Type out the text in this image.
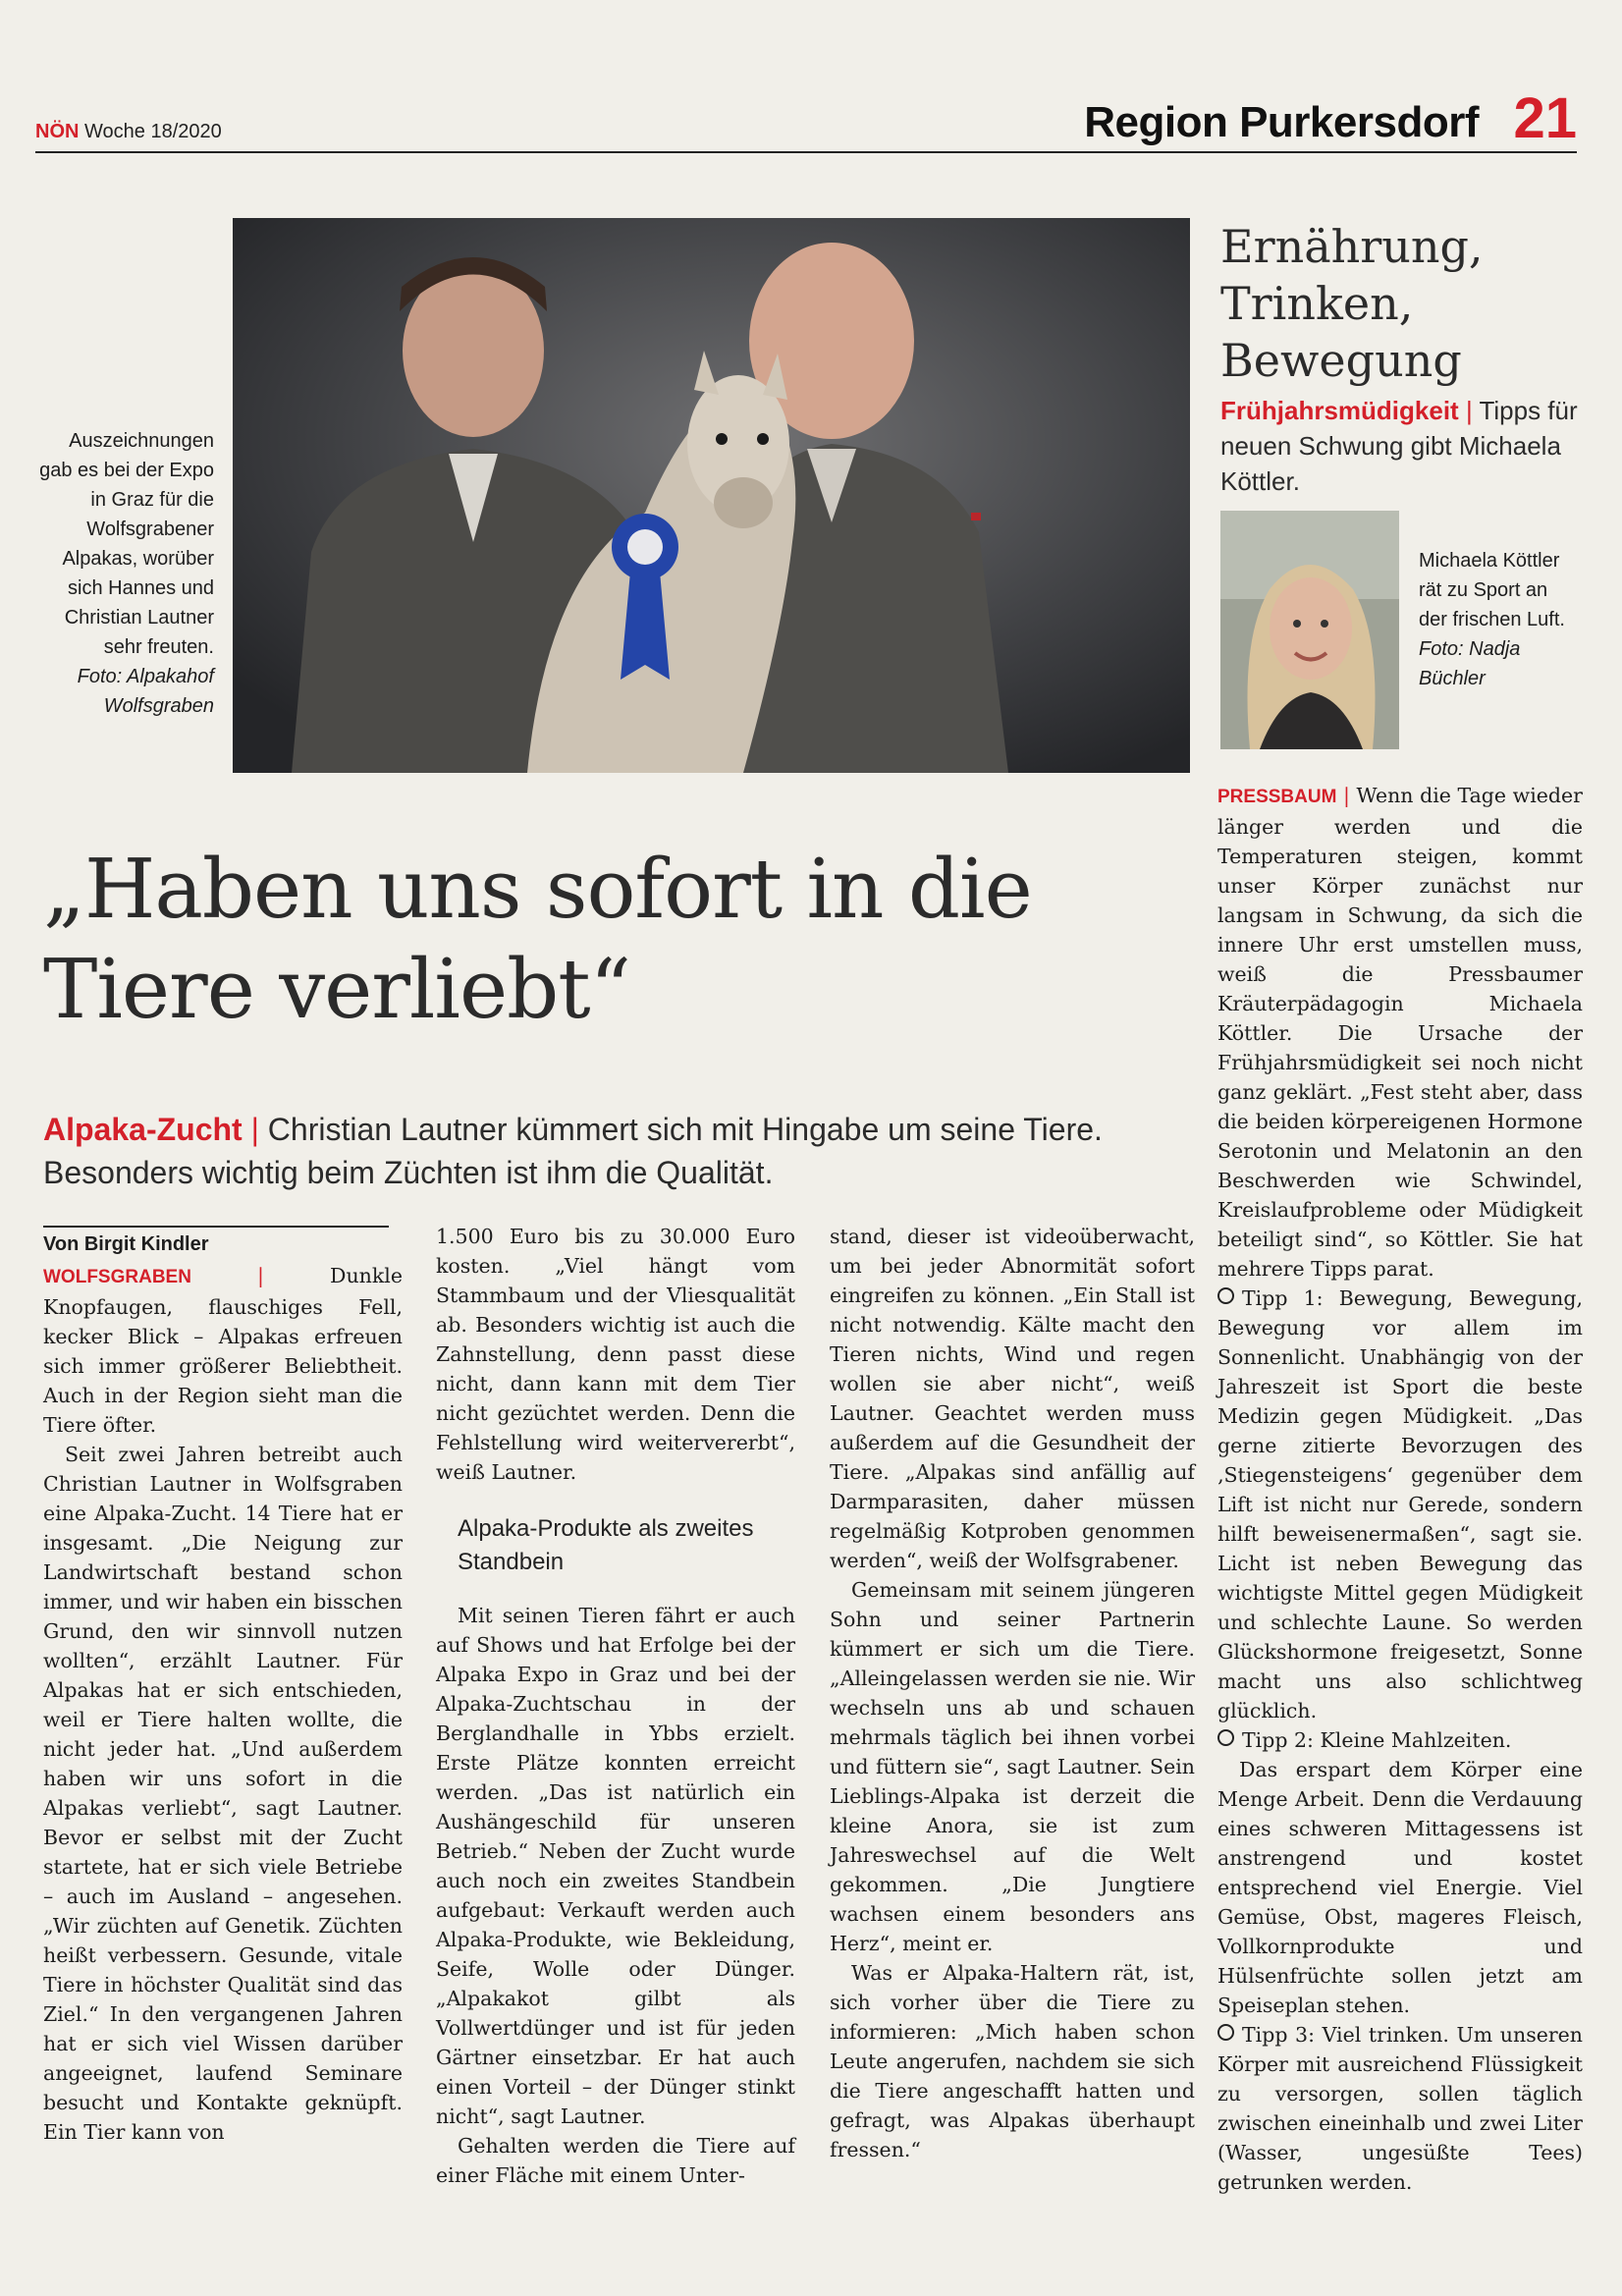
NÖN Woche 18/2020	Region Purkersdorf 21
Auszeichnungen gab es bei der Expo in Graz für die Wolfsgrabener Alpakas, worüber sich Hannes und Christian Lautner sehr freuten.
Foto: Alpakahof Wolfsgraben
„Haben uns sofort in die Tiere verliebt“
Alpaka-Zucht | Christian Lautner kümmert sich mit Hingabe um seine Tiere. Besonders wichtig beim Züchten ist ihm die Qualität.
Von Birgit Kindler

WOLFSGRABEN	|	Dunkle Knopfaugen, flauschiges Fell, kecker Blick – Alpakas erfreuen sich immer größerer Beliebtheit. Auch in der Region sieht man die Tiere öfter.

Seit zwei Jahren betreibt auch Christian Lautner in Wolfsgraben eine Alpaka-Zucht. 14 Tiere hat er insgesamt. „Die Neigung zur Landwirtschaft bestand schon immer, und wir haben ein bisschen Grund, den wir sinnvoll nutzen wollten“, erzählt Lautner. Für Alpakas hat er sich entschieden, weil er Tiere halten wollte, die nicht jeder hat. „Und außerdem haben wir uns sofort in die Alpakas verliebt“, sagt Lautner. Bevor er selbst mit der Zucht startete, hat er sich viele Betriebe – auch im Ausland – angesehen. „Wir züchten auf Genetik. Züchten heißt verbessern. Gesunde, vitale Tiere in höchster Qualität sind das Ziel.“ In den vergangenen Jahren hat er sich viel Wissen darüber angeeignet, laufend Seminare besucht und Kontakte geknüpft. Ein Tier kann von

1.500 Euro bis zu 30.000 Euro kosten. „Viel hängt vom Stammbaum und der Vliesqualität ab. Besonders wichtig ist auch die Zahnstellung, denn passt diese nicht, dann kann mit dem Tier nicht gezüchtet werden. Denn die Fehlstellung wird weitervererbt“, weiß Lautner.

Alpaka-Produkte als zweites Standbein

Mit seinen Tieren fährt er auch auf Shows und hat Erfolge bei der Alpaka Expo in Graz und bei der Alpaka-Zuchtschau in der Berglandhalle in Ybbs erzielt. Erste Plätze konnten erreicht werden. „Das ist natürlich ein Aushängeschild für unseren Betrieb.“ Neben der Zucht wurde auch noch ein zweites Standbein aufgebaut: Verkauft werden auch Alpaka-Produkte, wie Bekleidung, Seife, Wolle oder Dünger. „Alpakakot gilbt als Vollwertdünger und ist für jeden Gärtner einsetzbar. Er hat auch einen Vorteil – der Dünger stinkt nicht“, sagt Lautner.

Gehalten werden die Tiere auf einer Fläche mit einem Unter-

stand, dieser ist videoüberwacht, um bei jeder Abnormität sofort eingreifen zu können. „Ein Stall ist nicht notwendig. Kälte macht den Tieren nichts, Wind und regen wollen sie aber nicht“, weiß Lautner. Geachtet werden muss außerdem auf die Gesundheit der Tiere. „Alpakas sind anfällig auf Darmparasiten, daher müssen regelmäßig Kotproben genommen werden“, weiß der Wolfsgrabener.

Gemeinsam mit seinem jüngeren Sohn und seiner Partnerin kümmert er sich um die Tiere. „Alleingelassen werden sie nie. Wir wechseln uns ab und schauen mehrmals täglich bei ihnen vorbei und füttern sie“, sagt Lautner. Sein Lieblings-Alpaka ist derzeit die kleine Anora, sie ist zum Jahreswechsel auf die Welt gekommen. „Die Jungtiere wachsen einem besonders ans Herz“, meint er.

Was er Alpaka-Haltern rät, ist, sich vorher über die Tiere zu informieren: „Mich haben schon Leute angerufen, nachdem sie sich die Tiere angeschafft hatten und gefragt, was Alpakas überhaupt fressen.“

Ernährung, Trinken, Bewegung
Frühjahrsmüdigkeit | Tipps für neuen Schwung gibt Michaela Köttler.
Michaela Köttler rät zu Sport an der frischen Luft.
Foto: Nadja Büchler

PRESSBAUM | Wenn die Tage wieder länger werden und die Temperaturen steigen, kommt unser Körper zunächst nur langsam in Schwung, da sich die innere Uhr erst umstellen muss, weiß die Pressbaumer Kräuterpädagogin Michaela Köttler. Die Ursache der Frühjahrsmüdigkeit sei noch nicht ganz geklärt. „Fest steht aber, dass die beiden körpereigenen Hormone Serotonin und Melatonin an den Beschwerden wie Schwindel, Kreislaufprobleme oder Müdigkeit beteiligt sind“, so Köttler. Sie hat mehrere Tipps parat.

Tipp 1: Bewegung, Bewegung, Bewegung vor allem im Sonnenlicht. Unabhängig von der Jahreszeit ist Sport die beste Medizin gegen Müdigkeit. „Das gerne zitierte Bevorzugen des ‚Stiegensteigens‘ gegenüber dem Lift ist nicht nur Gerede, sondern hilft beweisenermaßen“, sagt sie. Licht ist neben Bewegung das wichtigste Mittel gegen Müdigkeit und schlechte Laune. So werden Glückshormone freigesetzt, Sonne macht uns also schlichtweg glücklich.

Tipp 2: Kleine Mahlzeiten.

Das erspart dem Körper eine Menge Arbeit. Denn die Verdauung eines schweren Mittagessens ist anstrengend und kostet entsprechend viel Energie. Viel Gemüse, Obst, mageres Fleisch, Vollkornprodukte und Hülsenfrüchte sollen jetzt am Speiseplan stehen.

Tipp 3: Viel trinken. Um unseren Körper mit ausreichend Flüssigkeit zu versorgen, sollen täglich zwischen eineinhalb und zwei Liter (Wasser, ungesüßte Tees) getrunken werden.
